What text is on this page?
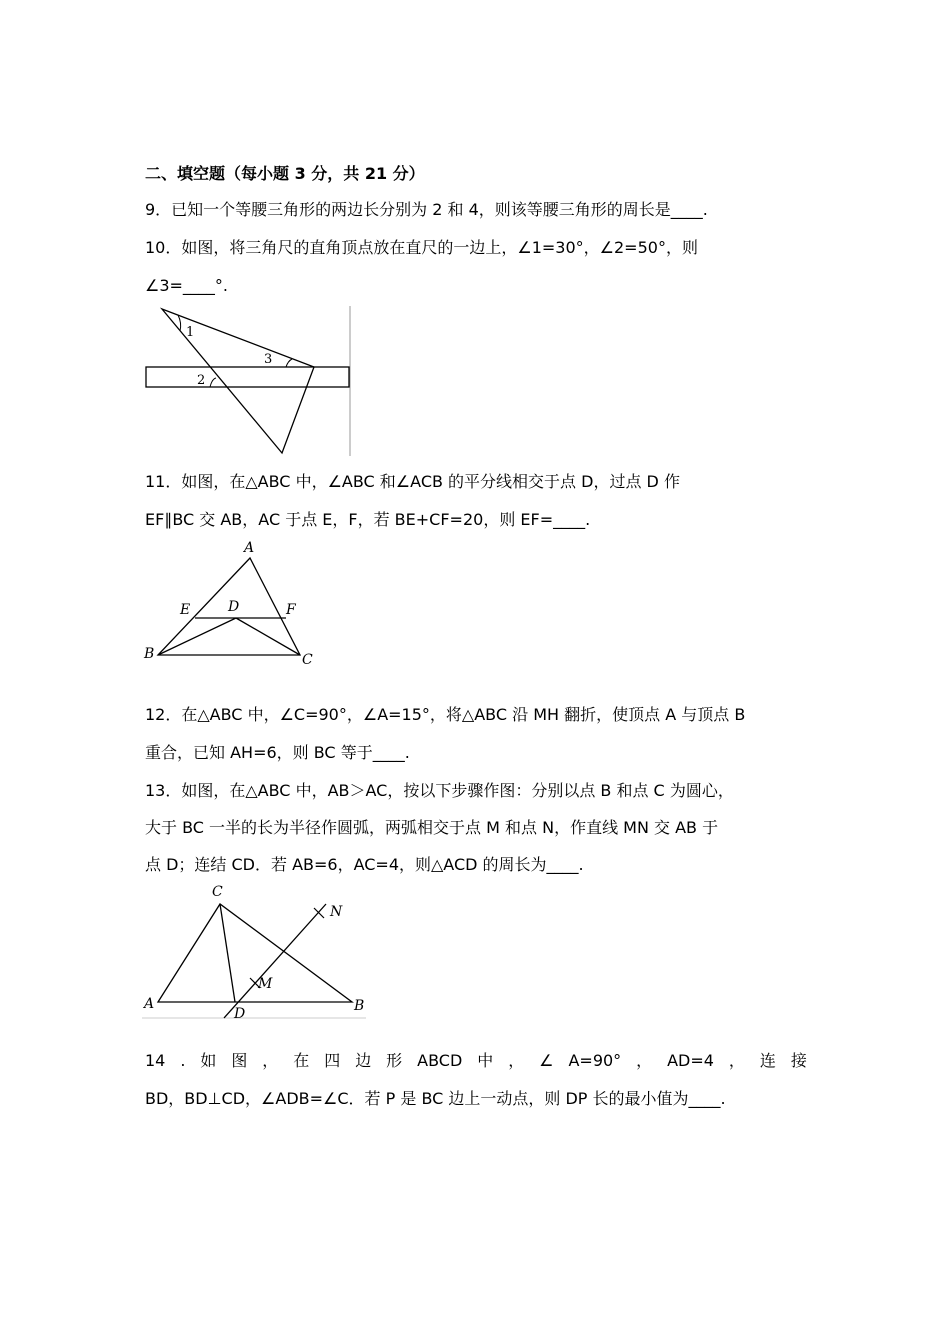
二、填空题（每小题 3 分，共 21 分）
9．已知一个等腰三角形的两边长分别为 2 和 4，则该等腰三角形的周长是____.
10．如图，将三角尺的直角顶点放在直尺的一边上，∠1=30°，∠2=50°，则
∠3=____°.
1
3
2
11．如图，在△ABC 中，∠ABC 和∠ACB 的平分线相交于点 D，过点 D 作
EF∥BC 交 AB，AC 于点 E，F，若 BE+CF=20，则 EF=____.
A
E	D	F
B	C
12．在△ABC 中，∠C=90°，∠A=15°，将△ABC 沿 MH 翻折，使顶点 A 与顶点 B
重合，已知 AH=6，则 BC 等于____.
13．如图，在△ABC 中，AB＞AC，按以下步骤作图：分别以点 B 和点 C 为圆心，
大于 BC 一半的长为半径作圆弧，两弧相交于点 M 和点 N，作直线 MN 交 AB 于
点 D；连结 CD．若 AB=6，AC=4，则△ACD 的周长为____.
C
N
M
A	B
D
14 . 如 图 ， 在 四 边 形 ABCD 中 ， ∠ A=90° ， AD=4 ， 连 接
BD，BD⊥CD，∠ADB=∠C．若 P 是 BC 边上一动点，则 DP 长的最小值为____.
